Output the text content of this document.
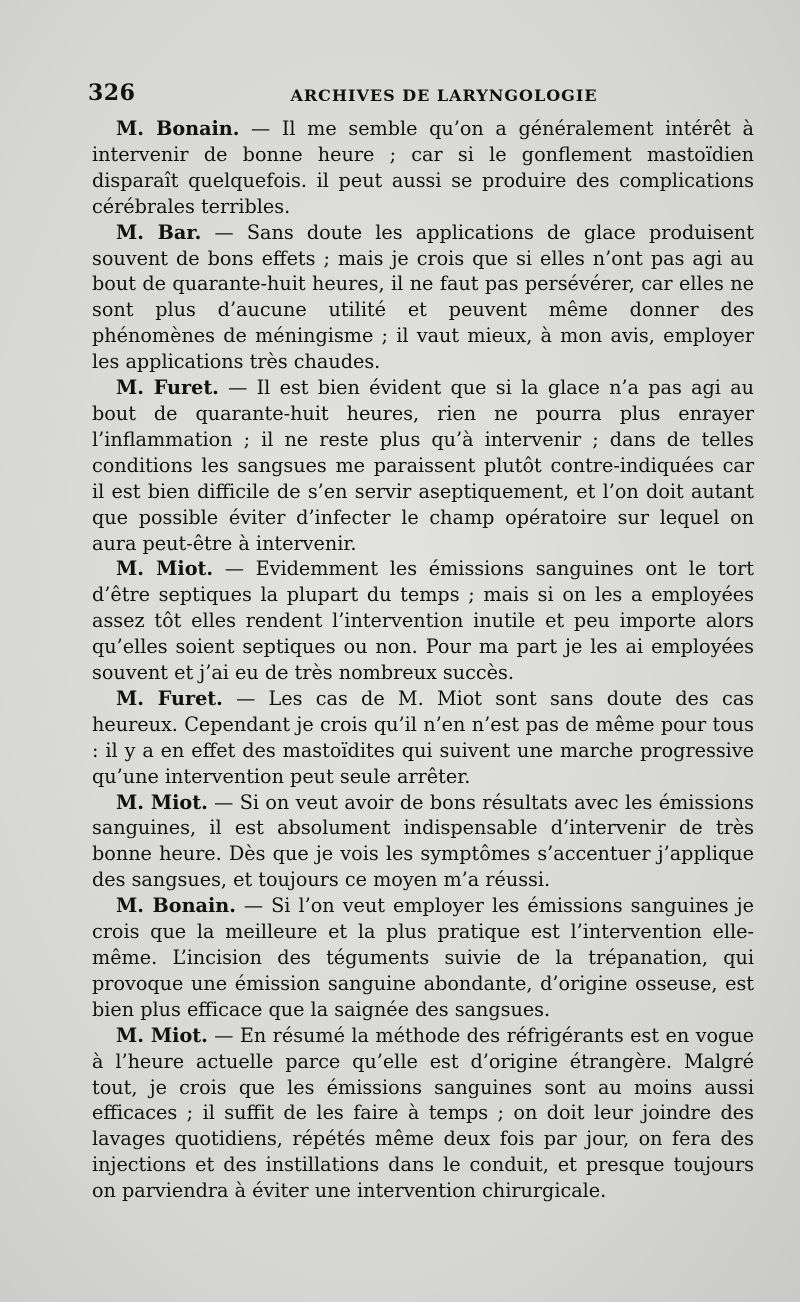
326	ARCHIVES DE LARYNGOLOGIE

M. Bonain. — Il me semble qu’on a généralement intérêt à intervenir de bonne heure ; car si le gonflement mastoïdien disparaît quelquefois. il peut aussi se produire des complications cérébrales terribles.

M. Bar. — Sans doute les applications de glace produisent souvent de bons effets ; mais je crois que si elles n’ont pas agi au bout de quarante-huit heures, il ne faut pas persévérer, car elles ne sont plus d’aucune utilité et peuvent même donner des phénomènes de méningisme ; il vaut mieux, à mon avis, employer les applications très chaudes.

M. Furet. — Il est bien évident que si la glace n’a pas agi au bout de quarante-huit heures, rien ne pourra plus enrayer l’inflammation ; il ne reste plus qu’à intervenir ; dans de telles conditions les sangsues me paraissent plutôt contre-indiquées car il est bien difficile de s’en servir aseptiquement, et l’on doit autant que possible éviter d’infecter le champ opératoire sur lequel on aura peut-être à intervenir.

M. Miot. — Evidemment les émissions sanguines ont le tort d’être septiques la plupart du temps ; mais si on les a employées assez tôt elles rendent l’intervention inutile et peu importe alors qu’elles soient septiques ou non. Pour ma part je les ai employées souvent et j’ai eu de très nombreux succès.

M. Furet. — Les cas de M. Miot sont sans doute des cas heureux. Cependant je crois qu’il n’en n’est pas de même pour tous : il y a en effet des mastoïdites qui suivent une marche progressive qu’une intervention peut seule arrêter.

M. Miot. — Si on veut avoir de bons résultats avec les émissions sanguines, il est absolument indispensable d’intervenir de très bonne heure. Dès que je vois les symptômes s’accentuer j’applique des sangsues, et toujours ce moyen m’a réussi.

M. Bonain. — Si l’on veut employer les émissions sanguines je crois que la meilleure et la plus pratique est l’intervention elle-même. L’incision des téguments suivie de la trépanation, qui provoque une émission sanguine abondante, d’origine osseuse, est bien plus efficace que la saignée des sangsues.

M. Miot. — En résumé la méthode des réfrigérants est en vogue à l’heure actuelle parce qu’elle est d’origine étrangère. Malgré tout, je crois que les émissions sanguines sont au moins aussi efficaces ; il suffit de les faire à temps ; on doit leur joindre des lavages quotidiens, répétés même deux fois par jour, on fera des injections et des instillations dans le conduit, et presque toujours on parviendra à éviter une intervention chirurgicale.
